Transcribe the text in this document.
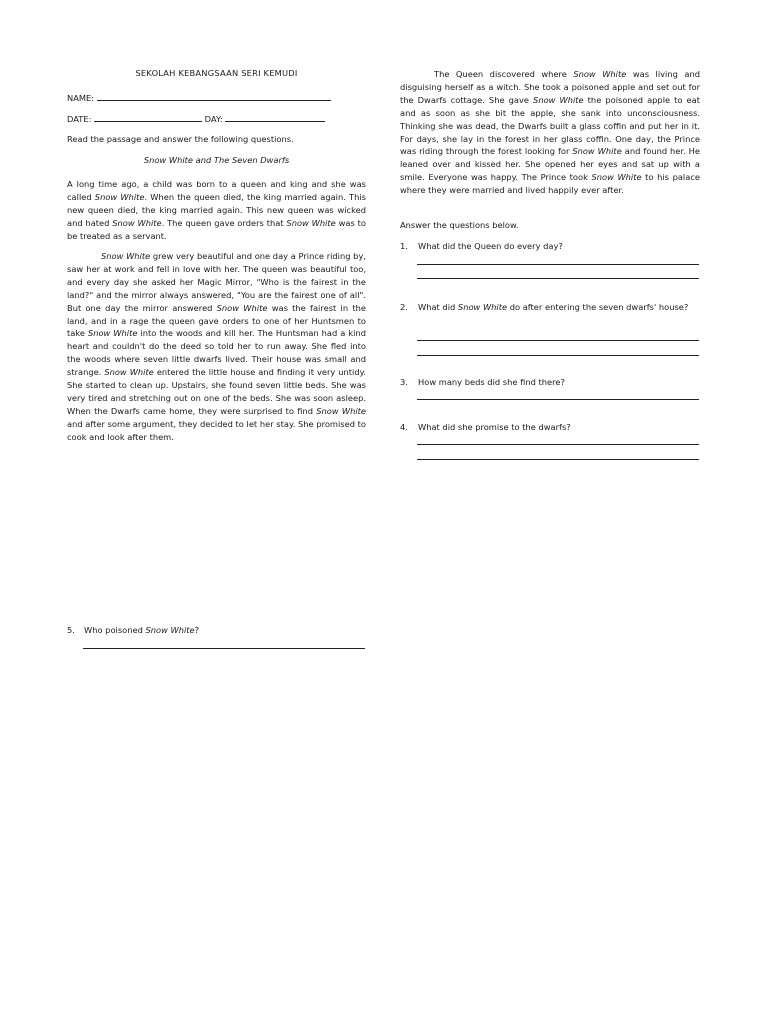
SEKOLAH KEBANGSAAN SERI KEMUDI
NAME:
DATE:	DAY:
Read the passage and answer the following questions.
Snow White and The Seven Dwarfs

A long time ago, a child was born to a queen and king and she was called Snow White. When the queen died, the king married again. This new queen died, the king married again. This new queen was wicked and hated Snow White. The queen gave orders that Snow White was to be treated as a servant.

Snow White grew very beautiful and one day a Prince riding by, saw her at work and fell in love with her. The queen was beautiful too, and every day she asked her Magic Mirror, "Who is the fairest in the land?" and the mirror always answered, "You are the fairest one of all". But one day the mirror answered Snow White was the fairest in the land, and in a rage the queen gave orders to one of her Huntsmen to take Snow White into the woods and kill her. The Huntsman had a kind heart and couldn't do the deed so told her to run away. She fled into the woods where seven little dwarfs lived. Their house was small and strange. Snow White entered the little house and finding it very untidy. She started to clean up. Upstairs, she found seven little beds. She was very tired and stretching out on one of the beds. She was soon asleep. When the Dwarfs came home, they were surprised to find Snow White and after some argument, they decided to let her stay. She promised to cook and look after them.

5. Who poisoned Snow White?

The Queen discovered where Snow White was living and disguising herself as a witch. She took a poisoned apple and set out for the Dwarfs cottage. She gave Snow White the poisoned apple to eat and as soon as she bit the apple, she sank into unconsciousness. Thinking she was dead, the Dwarfs built a glass coffin and put her in it. For days, she lay in the forest in her glass coffin. One day, the Prince was riding through the forest looking for Snow White and found her. He leaned over and kissed her. She opened her eyes and sat up with a smile. Everyone was happy. The Prince took Snow White to his palace where they were married and lived happily ever after.

Answer the questions below.
1. What did the Queen do every day?
2. What did Snow White do after entering the seven dwarfs' house?
3. How many beds did she find there?
4. What did she promise to the dwarfs?
